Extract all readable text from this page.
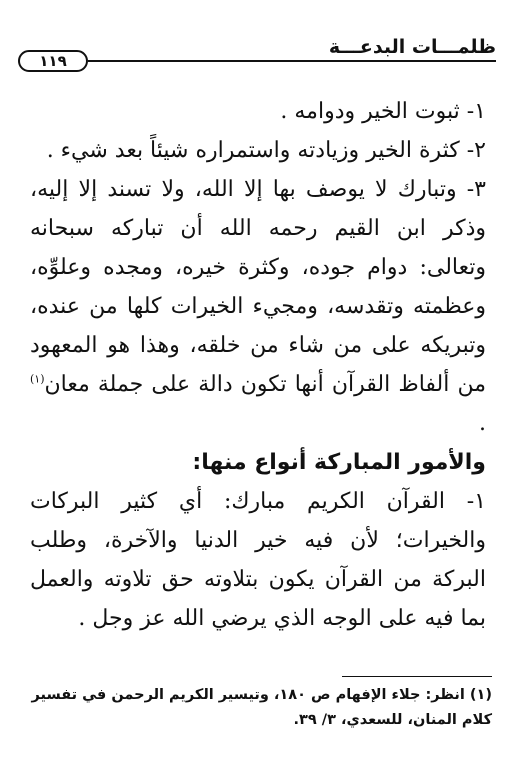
ظلمـــات البدعـــة
١١٩

١- ثبوت الخير ودوامه .

٢- كثرة الخير وزيادته واستمراره شيئاً بعد شيء .

٣- وتبارك لا يوصف بها إلا الله، ولا تسند إلا إليه، وذكر ابن القيم رحمه الله أن تباركه سبحانه وتعالى: دوام جوده، وكثرة خيره، ومجده وعلوِّه، وعظمته وتقدسه، ومجيء الخيرات كلها من عنده، وتبريكه على من شاء من خلقه، وهذا هو المعهود من ألفاظ القرآن أنها تكون دالة على جملة معان$^{(١)}$ .

والأمور المباركة أنواع منها:

١- القرآن الكريم مبارك: أي كثير البركات والخيرات؛ لأن فيه خير الدنيا والآخرة، وطلب البركة من القرآن يكون بتلاوته حق تلاوته والعمل بما فيه على الوجه الذي يرضي الله عز وجل .

(١) انظر: جلاء الإفهام ص ١٨٠، وتيسير الكريم الرحمن في تفسير كلام المنان، للسعدي، ٣/ ٣٩.
